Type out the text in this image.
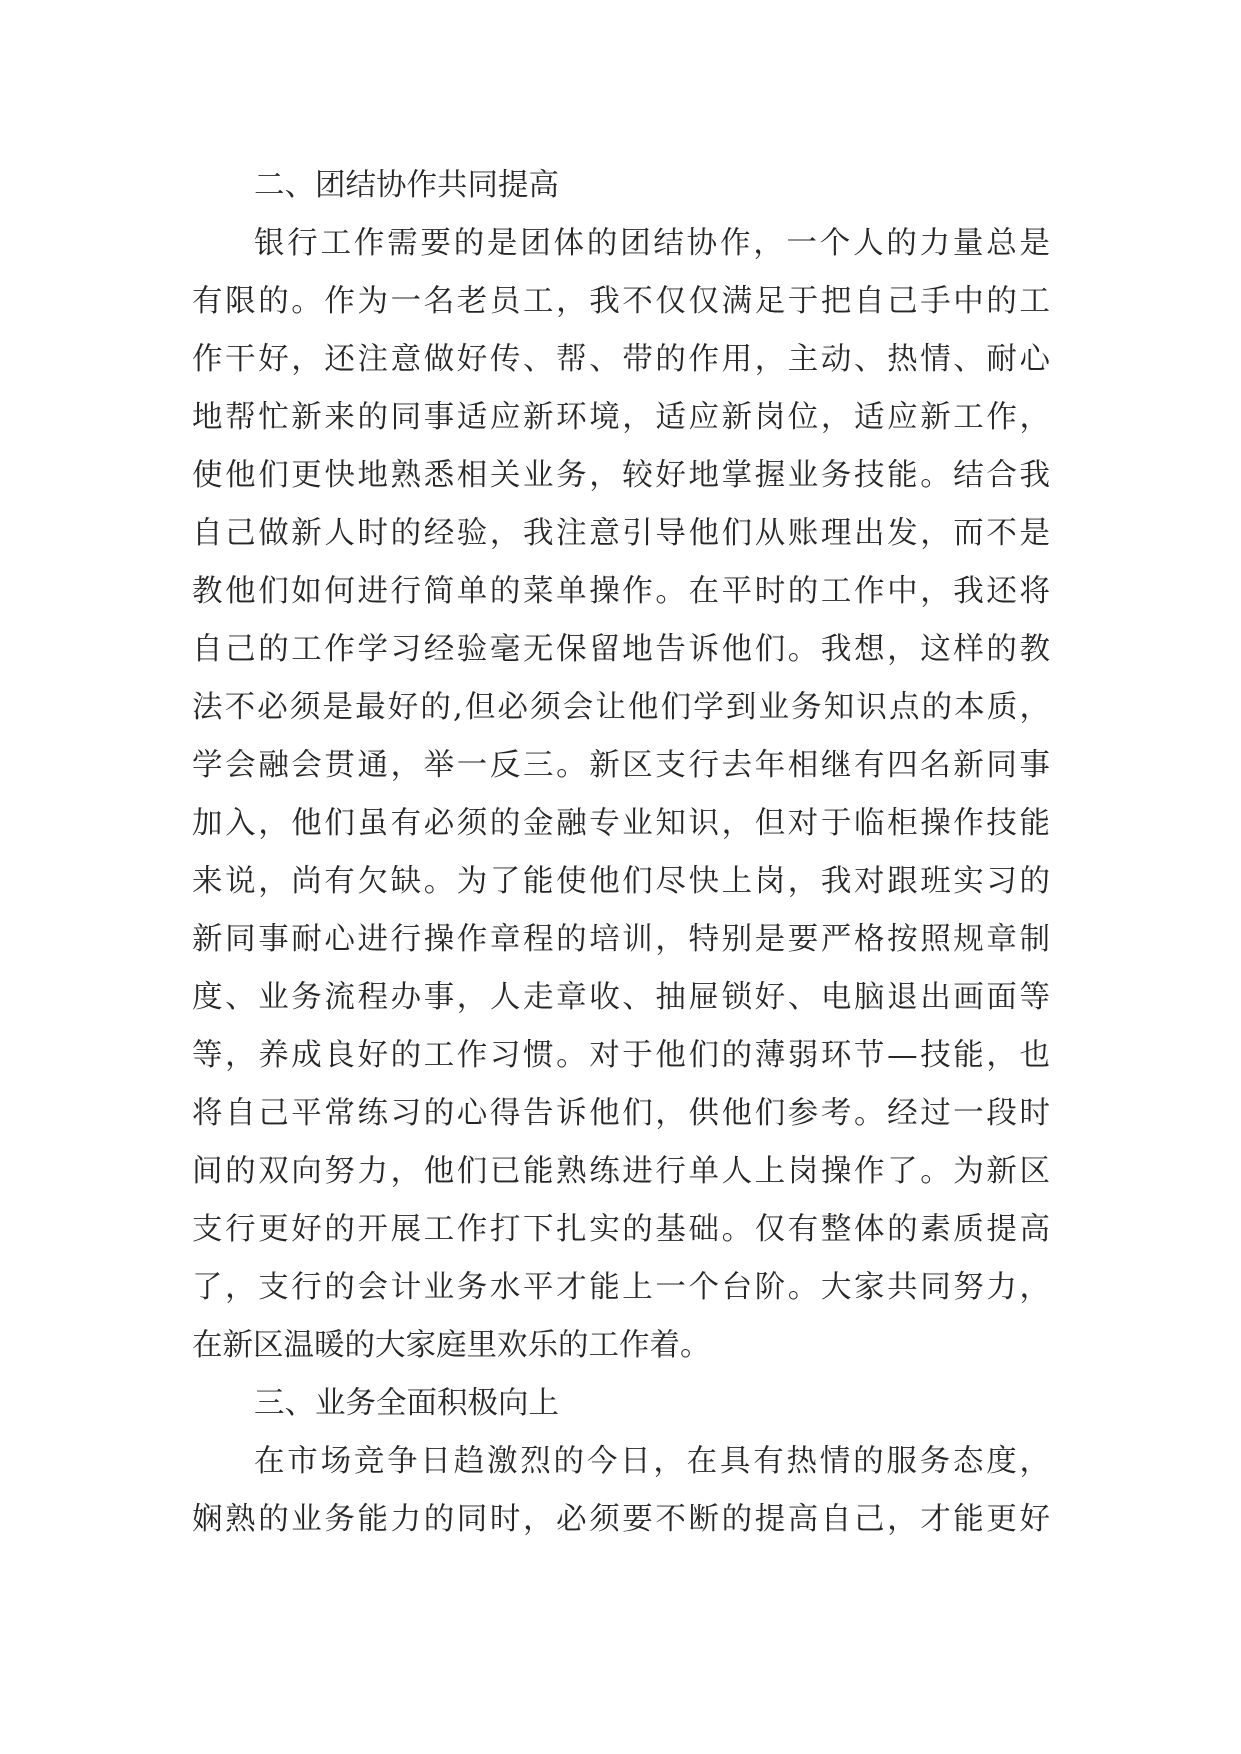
二、团结协作共同提高
银行工作需要的是团体的团结协作，一个人的力量总是
有限的。作为一名老员工，我不仅仅满足于把自己手中的工
作干好，还注意做好传、帮、带的作用，主动、热情、耐心
地帮忙新来的同事适应新环境，适应新岗位，适应新工作，
使他们更快地熟悉相关业务，较好地掌握业务技能。结合我
自己做新人时的经验，我注意引导他们从账理出发，而不是
教他们如何进行简单的菜单操作。在平时的工作中，我还将
自己的工作学习经验毫无保留地告诉他们。我想，这样的教
法不必须是最好的,但必须会让他们学到业务知识点的本质，
学会融会贯通，举一反三。新区支行去年相继有四名新同事
加入，他们虽有必须的金融专业知识，但对于临柜操作技能
来说，尚有欠缺。为了能使他们尽快上岗，我对跟班实习的
新同事耐心进行操作章程的培训，特别是要严格按照规章制
度、业务流程办事，人走章收、抽屉锁好、电脑退出画面等
等，养成良好的工作习惯。对于他们的薄弱环节—技能，也
将自己平常练习的心得告诉他们，供他们参考。经过一段时
间的双向努力，他们已能熟练进行单人上岗操作了。为新区
支行更好的开展工作打下扎实的基础。仅有整体的素质提高
了，支行的会计业务水平才能上一个台阶。大家共同努力，
在新区温暖的大家庭里欢乐的工作着。
三、业务全面积极向上
在市场竞争日趋激烈的今日，在具有热情的服务态度，
娴熟的业务能力的同时，必须要不断的提高自己，才能更好
